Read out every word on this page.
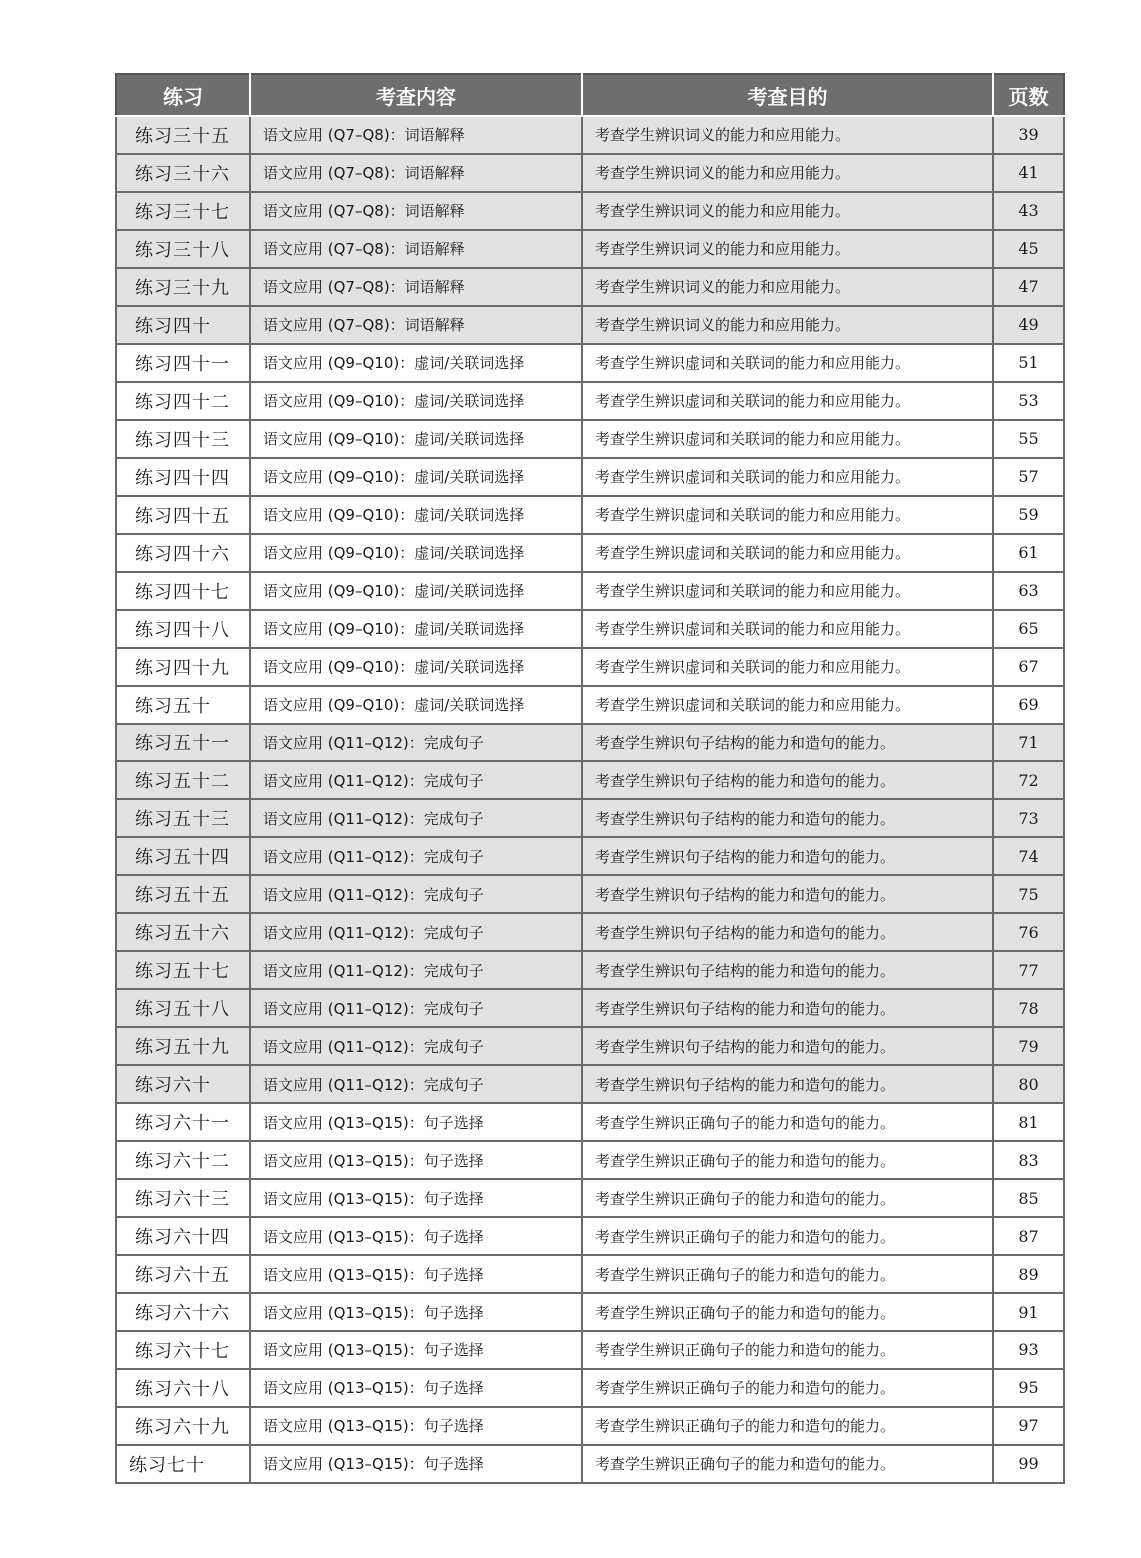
练习	考查内容	考查目的	页数
练习三十五	语文应用 (Q7–Q8)：词语解释	考查学生辨识词义的能力和应用能力。	39
练习三十六	语文应用 (Q7–Q8)：词语解释	考查学生辨识词义的能力和应用能力。	41
练习三十七	语文应用 (Q7–Q8)：词语解释	考查学生辨识词义的能力和应用能力。	43
练习三十八	语文应用 (Q7–Q8)：词语解释	考查学生辨识词义的能力和应用能力。	45
练习三十九	语文应用 (Q7–Q8)：词语解释	考查学生辨识词义的能力和应用能力。	47
练习四十	语文应用 (Q7–Q8)：词语解释	考查学生辨识词义的能力和应用能力。	49
练习四十一	语文应用 (Q9–Q10)：虚词/关联词选择	考查学生辨识虚词和关联词的能力和应用能力。	51
练习四十二	语文应用 (Q9–Q10)：虚词/关联词选择	考查学生辨识虚词和关联词的能力和应用能力。	53
练习四十三	语文应用 (Q9–Q10)：虚词/关联词选择	考查学生辨识虚词和关联词的能力和应用能力。	55
练习四十四	语文应用 (Q9–Q10)：虚词/关联词选择	考查学生辨识虚词和关联词的能力和应用能力。	57
练习四十五	语文应用 (Q9–Q10)：虚词/关联词选择	考查学生辨识虚词和关联词的能力和应用能力。	59
练习四十六	语文应用 (Q9–Q10)：虚词/关联词选择	考查学生辨识虚词和关联词的能力和应用能力。	61
练习四十七	语文应用 (Q9–Q10)：虚词/关联词选择	考查学生辨识虚词和关联词的能力和应用能力。	63
练习四十八	语文应用 (Q9–Q10)：虚词/关联词选择	考查学生辨识虚词和关联词的能力和应用能力。	65
练习四十九	语文应用 (Q9–Q10)：虚词/关联词选择	考查学生辨识虚词和关联词的能力和应用能力。	67
练习五十	语文应用 (Q9–Q10)：虚词/关联词选择	考查学生辨识虚词和关联词的能力和应用能力。	69
练习五十一	语文应用 (Q11–Q12)：完成句子	考查学生辨识句子结构的能力和造句的能力。	71
练习五十二	语文应用 (Q11–Q12)：完成句子	考查学生辨识句子结构的能力和造句的能力。	72
练习五十三	语文应用 (Q11–Q12)：完成句子	考查学生辨识句子结构的能力和造句的能力。	73
练习五十四	语文应用 (Q11–Q12)：完成句子	考查学生辨识句子结构的能力和造句的能力。	74
练习五十五	语文应用 (Q11–Q12)：完成句子	考查学生辨识句子结构的能力和造句的能力。	75
练习五十六	语文应用 (Q11–Q12)：完成句子	考查学生辨识句子结构的能力和造句的能力。	76
练习五十七	语文应用 (Q11–Q12)：完成句子	考查学生辨识句子结构的能力和造句的能力。	77
练习五十八	语文应用 (Q11–Q12)：完成句子	考查学生辨识句子结构的能力和造句的能力。	78
练习五十九	语文应用 (Q11–Q12)：完成句子	考查学生辨识句子结构的能力和造句的能力。	79
练习六十	语文应用 (Q11–Q12)：完成句子	考查学生辨识句子结构的能力和造句的能力。	80
练习六十一	语文应用 (Q13–Q15)：句子选择	考查学生辨识正确句子的能力和造句的能力。	81
练习六十二	语文应用 (Q13–Q15)：句子选择	考查学生辨识正确句子的能力和造句的能力。	83
练习六十三	语文应用 (Q13–Q15)：句子选择	考查学生辨识正确句子的能力和造句的能力。	85
练习六十四	语文应用 (Q13–Q15)：句子选择	考查学生辨识正确句子的能力和造句的能力。	87
练习六十五	语文应用 (Q13–Q15)：句子选择	考查学生辨识正确句子的能力和造句的能力。	89
练习六十六	语文应用 (Q13–Q15)：句子选择	考查学生辨识正确句子的能力和造句的能力。	91
练习六十七	语文应用 (Q13–Q15)：句子选择	考查学生辨识正确句子的能力和造句的能力。	93
练习六十八	语文应用 (Q13–Q15)：句子选择	考查学生辨识正确句子的能力和造句的能力。	95
练习六十九	语文应用 (Q13–Q15)：句子选择	考查学生辨识正确句子的能力和造句的能力。	97
练习七十	语文应用 (Q13–Q15)：句子选择	考查学生辨识正确句子的能力和造句的能力。	99
